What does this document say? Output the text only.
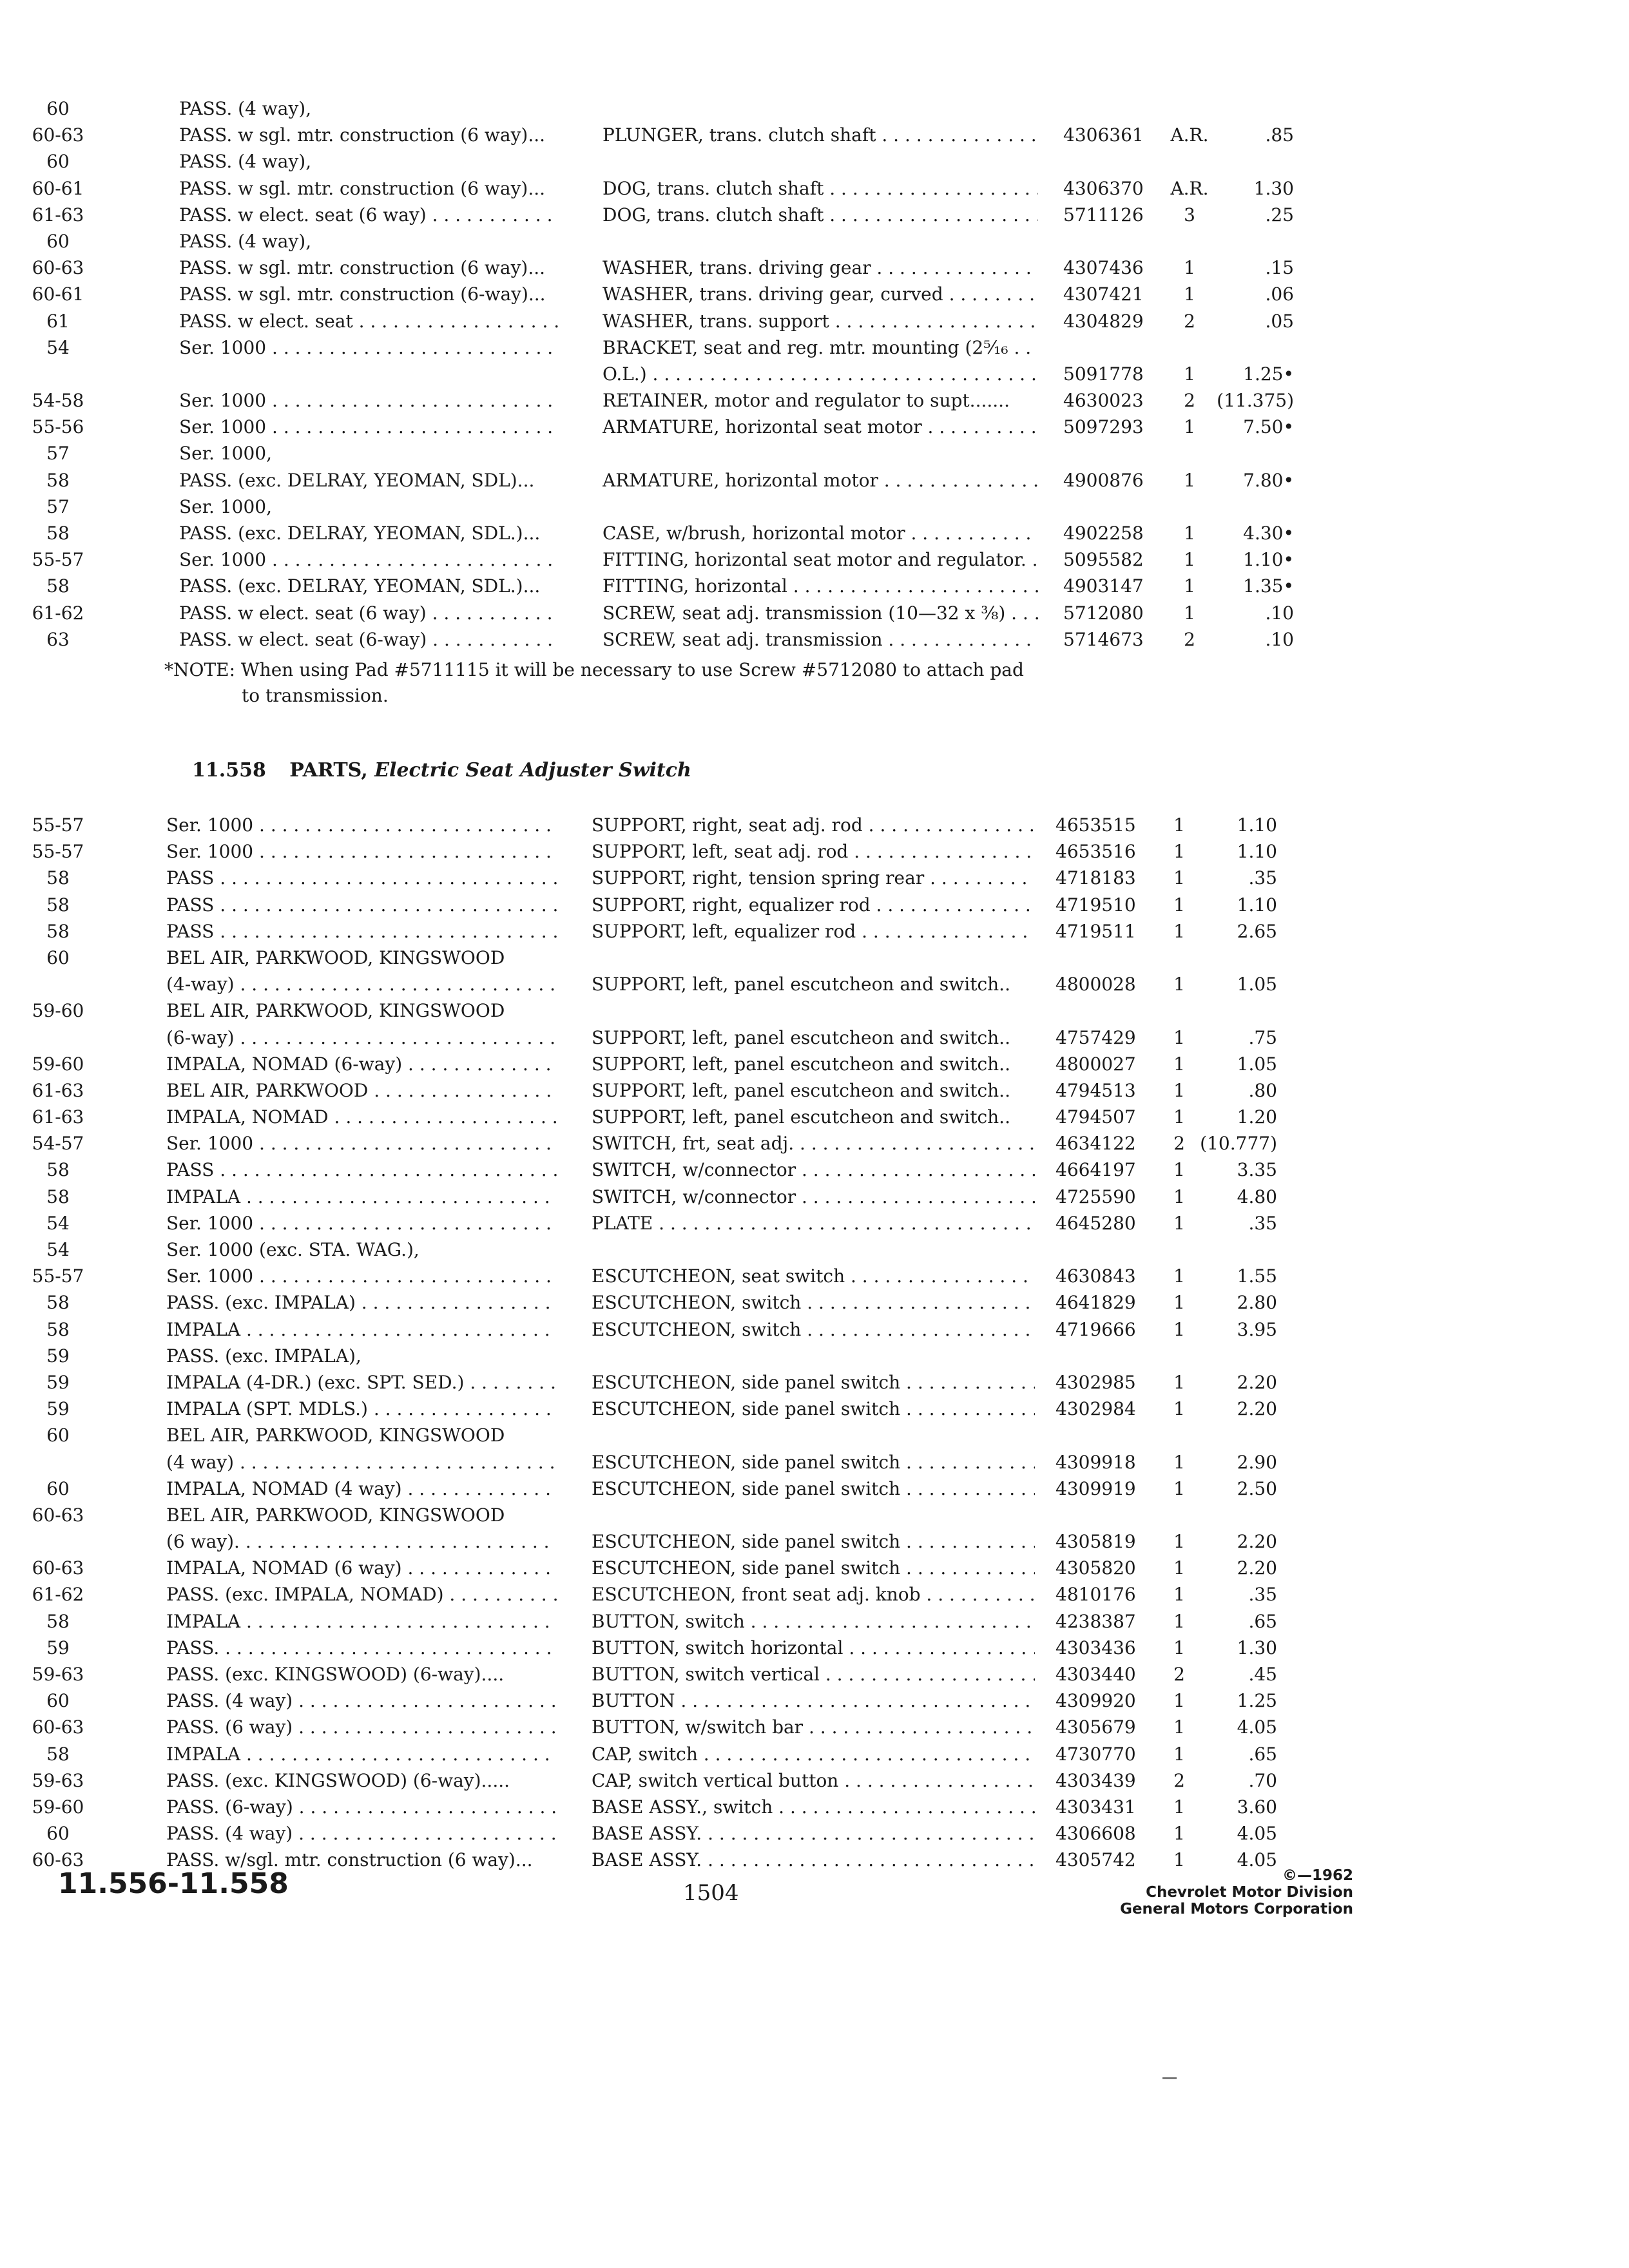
60	PASS. (4 way),
60-63	PASS. w sgl. mtr. construction (6 way)...	PLUNGER, trans. clutch shaft . . .	4306361 A.R.	.85
60	PASS. (4 way),
60-61	PASS. w sgl. mtr. construction (6 way)...	DOG, trans. clutch shaft . . .	4306370 A.R.	1.30
61-63	PASS. w elect. seat (6 way) . . .	DOG, trans. clutch shaft . . .	5711126	3	.25
60	PASS. (4 way),
60-63	PASS. w sgl. mtr. construction (6 way)...	WASHER, trans. driving gear . . .	4307436	1	.15
60-61	PASS. w sgl. mtr. construction (6-way)...	WASHER, trans. driving gear, curved . . .	4307421	1	.06
61	PASS. w elect. seat . . .	WASHER, trans. support . . .	4304829	2	.05
54	Ser. 1000 . . .	BRACKET, seat and reg. mtr. mounting (2⁵⁄₁₆ . . .
O.L.) . . .	5091778	1	1.25•
54-58	Ser. 1000 . . .	RETAINER, motor and regulator to supt.......	4630023	2	(11.375)
55-56	Ser. 1000 . . .	ARMATURE, horizontal seat motor . . .	5097293	1	7.50•
57	Ser. 1000,
58	PASS. (exc. DELRAY, YEOMAN, SDL)...	ARMATURE, horizontal motor . . .	4900876	1	7.80•
57	Ser. 1000,
58	PASS. (exc. DELRAY, YEOMAN, SDL.)...	CASE, w/brush, horizontal motor . . .	4902258	1	4.30•
55-57	Ser. 1000 . . .	FITTING, horizontal seat motor and regulator. . . .	5095582	1	1.10•
58	PASS. (exc. DELRAY, YEOMAN, SDL.)...	FITTING, horizontal . . .	4903147	1	1.35•
61-62	PASS. w elect. seat (6 way) . . .	SCREW, seat adj. transmission (10—32 x ⅜) . . .	5712080	1	.10
63	PASS. w elect. seat (6-way) . . .	SCREW, seat adj. transmission . . .	5714673	2	.10
*NOTE: When using Pad #5711115 it will be necessary to use Screw #5712080 to attach pad
to transmission.
11.558 PARTS, Electric Seat Adjuster Switch
55-57	Ser. 1000 . . .	SUPPORT, right, seat adj. rod . . .	4653515	1	1.10
55-57	Ser. 1000 . . .	SUPPORT, left, seat adj. rod . . .	4653516	1	1.10
58	PASS . . .	SUPPORT, right, tension spring rear . . .	4718183	1	.35
58	PASS . . .	SUPPORT, right, equalizer rod . . .	4719510	1	1.10
58	PASS . . .	SUPPORT, left, equalizer rod . . .	4719511	1	2.65
60	BEL AIR, PARKWOOD, KINGSWOOD
(4-way) . . .	SUPPORT, left, panel escutcheon and switch..	4800028	1	1.05
59-60	BEL AIR, PARKWOOD, KINGSWOOD
(6-way) . . .	SUPPORT, left, panel escutcheon and switch..	4757429	1	.75
59-60	IMPALA, NOMAD (6-way) . . .	SUPPORT, left, panel escutcheon and switch..	4800027	1	1.05
61-63	BEL AIR, PARKWOOD . . .	SUPPORT, left, panel escutcheon and switch..	4794513	1	.80
61-63	IMPALA, NOMAD . . .	SUPPORT, left, panel escutcheon and switch..	4794507	1	1.20
54-57	Ser. 1000 . . .	SWITCH, frt, seat adj. . . .	4634122	2 (10.777)
58	PASS . . .	SWITCH, w/connector . . .	4664197	1	3.35
58	IMPALA . . .	SWITCH, w/connector . . .	4725590	1	4.80
54	Ser. 1000 . . .	PLATE . . .	4645280	1	.35
54	Ser. 1000 (exc. STA. WAG.),
55-57	Ser. 1000 . . .	ESCUTCHEON, seat switch . . .	4630843	1	1.55
58	PASS. (exc. IMPALA) . . .	ESCUTCHEON, switch . . .	4641829	1	2.80
58	IMPALA . . .	ESCUTCHEON, switch . . .	4719666	1	3.95
59	PASS. (exc. IMPALA),
59	IMPALA (4-DR.) (exc. SPT. SED.) . . .	ESCUTCHEON, side panel switch . . .	4302985	1	2.20
59	IMPALA (SPT. MDLS.) . . .	ESCUTCHEON, side panel switch . . .	4302984	1	2.20
60	BEL AIR, PARKWOOD, KINGSWOOD
(4 way) . . .	ESCUTCHEON, side panel switch . . .	4309918	1	2.90
60	IMPALA, NOMAD (4 way) . . .	ESCUTCHEON, side panel switch . . .	4309919	1	2.50
60-63	BEL AIR, PARKWOOD, KINGSWOOD
(6 way). . . .	ESCUTCHEON, side panel switch . . .	4305819	1	2.20
60-63	IMPALA, NOMAD (6 way) . . .	ESCUTCHEON, side panel switch . . .	4305820	1	2.20
61-62	PASS. (exc. IMPALA, NOMAD) . . .	ESCUTCHEON, front seat adj. knob . . .	4810176	1	.35
58	IMPALA . . .	BUTTON, switch . . .	4238387	1	.65
59	PASS. . . .	BUTTON, switch horizontal . . .	4303436	1	1.30
59-63	PASS. (exc. KINGSWOOD) (6-way)....	BUTTON, switch vertical . . .	4303440	2	.45
60	PASS. (4 way) . . .	BUTTON . . .	4309920	1	1.25
60-63	PASS. (6 way) . . .	BUTTON, w/switch bar . . .	4305679	1	4.05
58	IMPALA . . .	CAP, switch . . .	4730770	1	.65
59-63	PASS. (exc. KINGSWOOD) (6-way).....	CAP, switch vertical button . . .	4303439	2	.70
59-60	PASS. (6-way) . . .	BASE ASSY., switch . . .	4303431	1	3.60
60	PASS. (4 way) . . .	BASE ASSY. . . .	4306608	1	4.05
60-63	PASS. w/sgl. mtr. construction (6 way)...	BASE ASSY. . . .	4305742	1	4.05
11.556-11.558	1504
©—1962
Chevrolet Motor Division
General Motors Corporation
